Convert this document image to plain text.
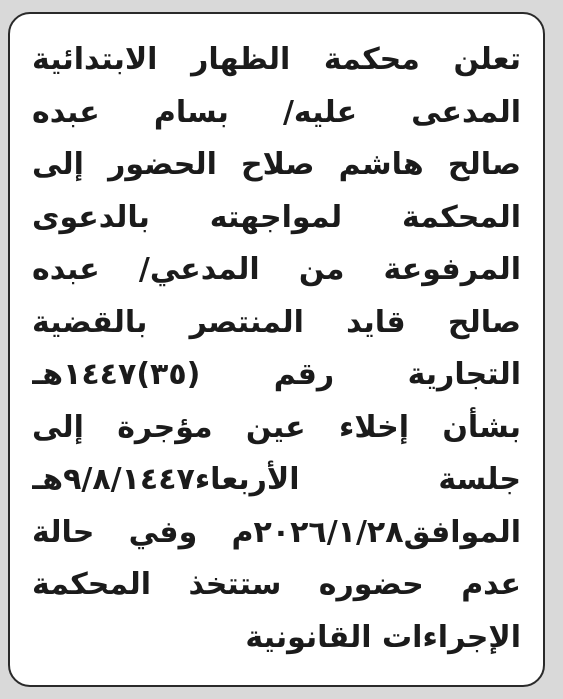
تعلن محكمة الظهار الابتدائية
المدعى عليه/ بسام عبده
صالح هاشم صلاح الحضور إلى
المحكمة لمواجهته بالدعوى
المرفوعة من المدعي/ عبده
صالح قايد المنتصر بالقضية
التجارية رقم (٣٥)١٤٤٧هـ
بشأن إخلاء عين مؤجرة إلى
جلسة الأربعاء٩/٨/١٤٤٧هـ
الموافق٢٠٢٦/١/٢٨م وفي حالة
عدم حضوره ستتخذ المحكمة
الإجراءات القانونية
